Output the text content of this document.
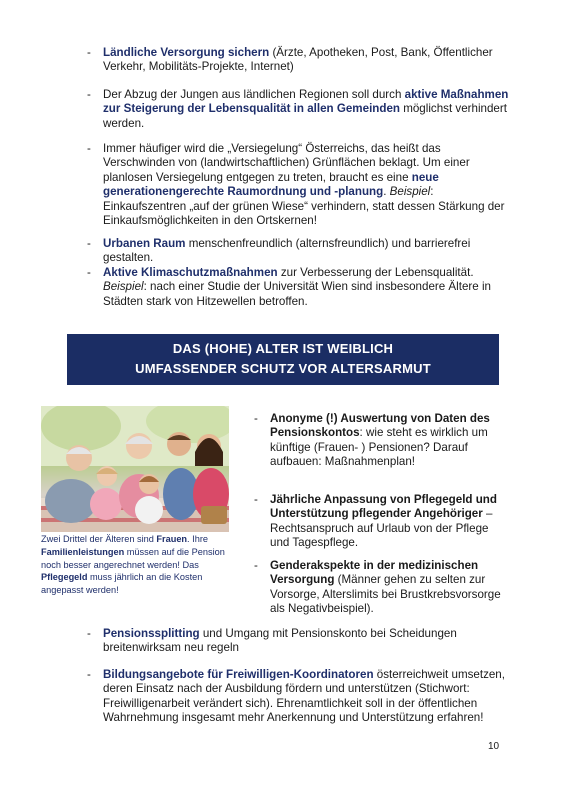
- Ländliche Versorgung sichern (Ärzte, Apotheken, Post, Bank, Öffentlicher Verkehr, Mobilitäts-Projekte, Internet)
- Der Abzug der Jungen aus ländlichen Regionen soll durch aktive Maßnahmen zur Steigerung der Lebensqualität in allen Gemeinden möglichst verhindert werden.
- Immer häufiger wird die „Versiegelung“ Österreichs, das heißt das Verschwinden von (landwirtschaftlichen) Grünflächen beklagt. Um einer planlosen Versiegelung entgegen zu treten, braucht es eine neue generationengerechte Raumordnung und -planung. Beispiel: Einkaufszentren „auf der grünen Wiese“ verhindern, statt dessen Stärkung der Einkaufsmöglichkeiten in den Ortskernen!
- Urbanen Raum menschenfreundlich (alternsfreundlich) und barrierefrei gestalten.
- Aktive Klimaschutzmaßnahmen zur Verbesserung der Lebensqualität. Beispiel: nach einer Studie der Universität Wien sind insbesondere Ältere in Städten stark von Hitzewellen betroffen.
DAS (HOHE) ALTER IST WEIBLICH
UMFASSENDER SCHUTZ VOR ALTERSARMUT
Zwei Drittel der Älteren sind Frauen. Ihre Familienleistungen müssen auf die Pension noch besser angerechnet werden! Das Pflegegeld muss jährlich an die Kosten angepasst werden!
- Anonyme (!) Auswertung von Daten des Pensionskontos: wie steht es wirklich um künftige (Frauen- ) Pensionen? Darauf aufbauen: Maßnahmenplan!
- Jährliche Anpassung von Pflegegeld und Unterstützung pflegender Angehöriger – Rechtsanspruch auf Urlaub von der Pflege und Tagespflege.
- Genderakspekte in der medizinischen Versorgung (Männer gehen zu selten zur Vorsorge, Alterslimits bei Brustkrebsvorsorge als Negativbeispiel).
- Pensionssplitting und Umgang mit Pensionskonto bei Scheidungen breitenwirksam neu regeln
- Bildungsangebote für Freiwilligen-Koordinatoren österreichweit umsetzen, deren Einsatz nach der Ausbildung fördern und unterstützen (Stichwort: Freiwilligenarbeit verändert sich). Ehrenamtlichkeit soll in der öffentlichen Wahrnehmung insgesamt mehr Anerkennung und Unterstützung erfahren!
10
